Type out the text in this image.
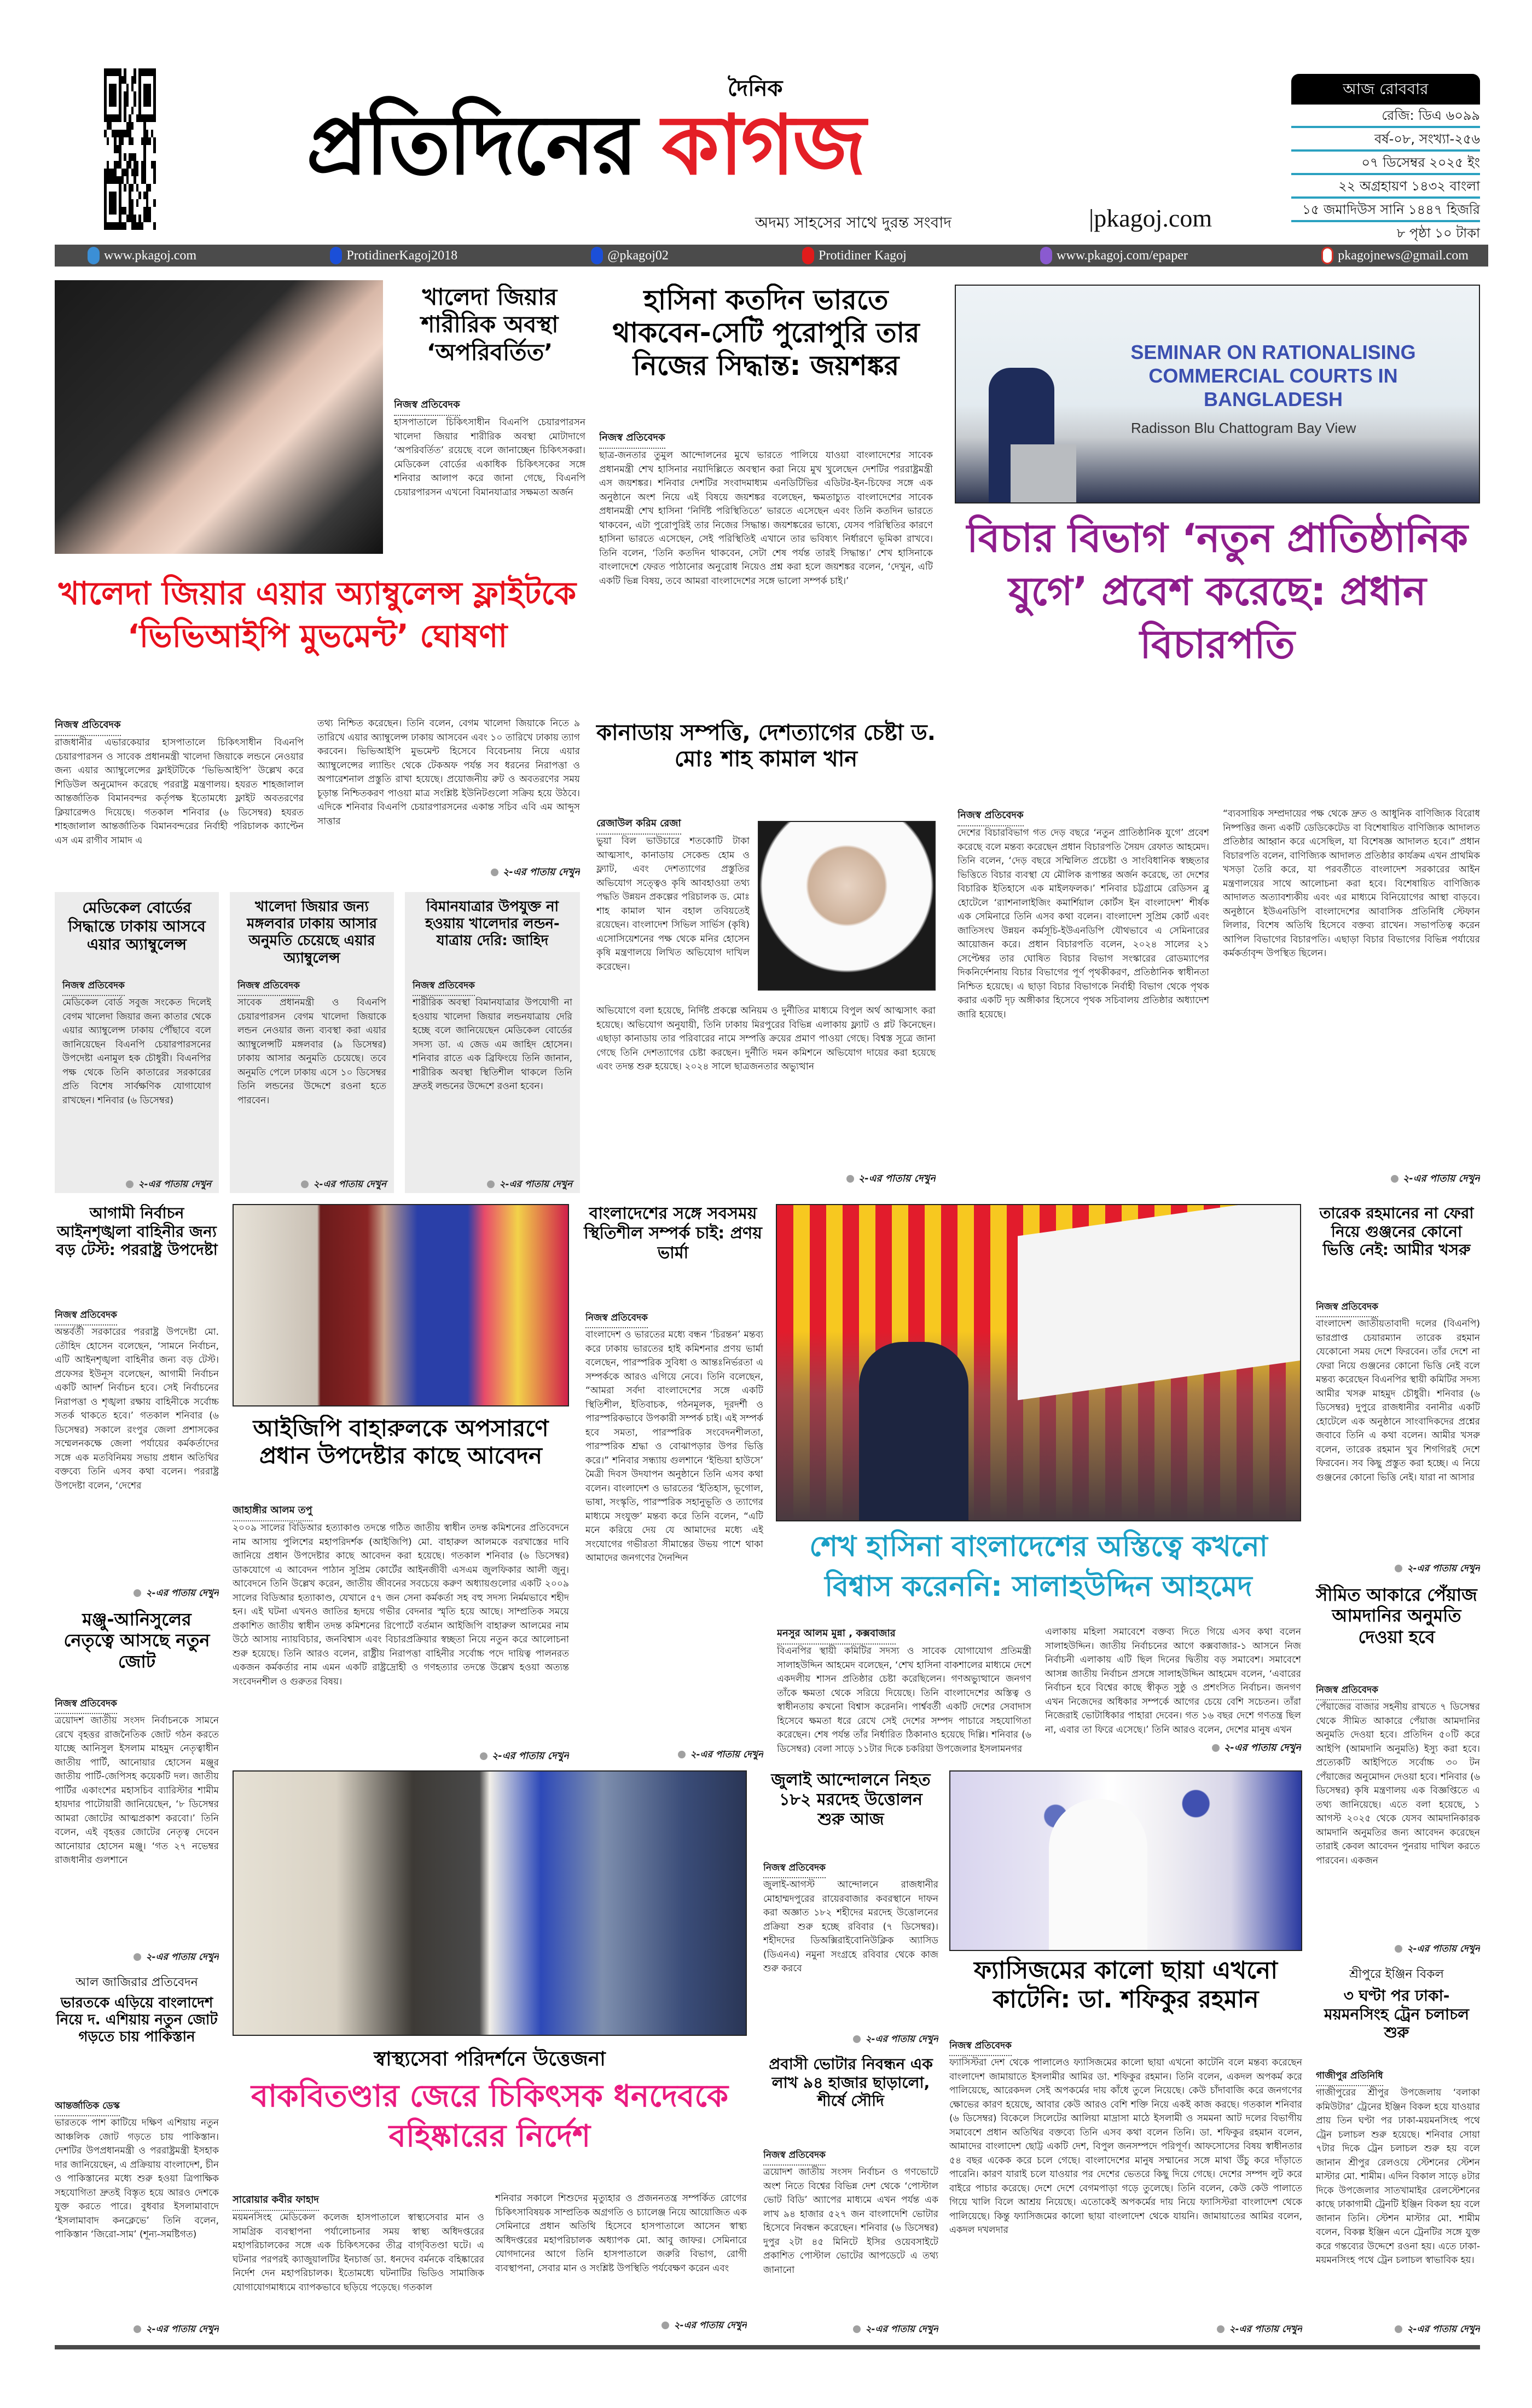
দৈনিক
প্রতিদিনের কাগজ
অদম্য সাহসের সাথে দুরন্ত সংবাদ	|pkagoj.com
আজ রোববার
রেজি: ডিএ ৬০৯৯
বর্ষ-০৮, সংখ্যা-২৫৬
০৭ ডিসেম্বর ২০২৫ ইং
২২ অগ্রহায়ণ ১৪৩২ বাংলা
১৫ জমাদিউস সানি ১৪৪৭ হিজরি
৮ পৃষ্ঠা ১০ টাকা
www.pkagoj.com	ProtidinerKagoj2018	@pkagoj02	Protidiner Kagoj	www.pkagoj.com/epaper	pkagojnews@gmail.com
খালেদা জিয়ার শারীরিক অবস্থা ‘অপরিবর্তিত’
নিজস্ব প্রতিবেদক
হাসপাতালে চিকিৎসাধীন বিএনপি চেয়ারপারসন খালেদা জিয়ার শারীরিক অবস্থা মোটাদাগে ‘অপরিবর্তিত’ রয়েছে বলে জানাচ্ছেন চিকিৎসকরা। মেডিকেল বোর্ডের একাধিক চিকিৎসকের সঙ্গে শনিবার আলাপ করে জানা গেছে, বিএনপি চেয়ারপারসন এখনো বিমানযাত্রার সক্ষমতা অর্জন
হাসিনা কতদিন ভারতে থাকবেন-সেটি পুরোপুরি তার নিজের সিদ্ধান্ত: জয়শঙ্কর
নিজস্ব প্রতিবেদক
ছাত্র-জনতার তুমুল আন্দোলনের মুখে ভারতে পালিয়ে যাওয়া বাংলাদেশের সাবেক প্রধানমন্ত্রী শেখ হাসিনার নয়াদিল্লিতে অবস্থান করা নিয়ে মুখ খুলেছেন দেশটির পররাষ্ট্রমন্ত্রী এস জয়শঙ্কর। শনিবার দেশটির সংবাদমাধ্যম এনডিটিভির এডিটর-ইন-চিফের সঙ্গে এক অনুষ্ঠানে অংশ নিয়ে এই বিষয়ে জয়শঙ্কর বলেছেন, ক্ষমতাচ্যুত বাংলাদেশের সাবেক প্রধানমন্ত্রী শেখ হাসিনা ‘নির্দিষ্ট পরিস্থিতিতে’ ভারতে এসেছেন এবং তিনি কতদিন ভারতে থাকবেন, এটা পুরোপুরিই তার নিজের সিদ্ধান্ত। জয়শঙ্করের ভাষ্যে, যেসব পরিস্থিতির কারণে হাসিনা ভারতে এসেছেন, সেই পরিস্থিতিই এখানে তার ভবিষ্যৎ নির্ধারণে ভূমিকা রাখবে। তিনি বলেন, ‘তিনি কতদিন থাকবেন, সেটা শেষ পর্যন্ত তারই সিদ্ধান্ত।’ শেখ হাসিনাকে বাংলাদেশে ফেরত পাঠানোর অনুরোধ নিয়েও প্রশ্ন করা হলে জয়শঙ্কর বলেন, ‘দেখুন, এটি একটি ভিন্ন বিষয়, তবে আমরা বাংলাদেশের সঙ্গে ভালো সম্পর্ক চাই।’
SEMINAR ON RATIONALISING COMMERCIAL COURTS IN BANGLADESH
Radisson Blu Chattogram Bay View
খালেদা জিয়ার এয়ার অ্যাম্বুলেন্স ফ্লাইটকে ‘ভিভিআইপি মুভমেন্ট’ ঘোষণা
নিজস্ব প্রতিবেদক
রাজধানীর এভারকেয়ার হাসপাতালে চিকিৎসাধীন বিএনপি চেয়ারপারসন ও সাবেক প্রধানমন্ত্রী খালেদা জিয়াকে লন্ডনে নেওয়ার জন্য এয়ার অ্যাম্বুলেন্সের ফ্লাইটটিকে ‘ভিভিআইপি’ উল্লেখ করে শিডিউল অনুমোদন করেছে পররাষ্ট্র মন্ত্রণালয়। হযরত শাহজালাল আন্তর্জাতিক বিমানবন্দর কর্তৃপক্ষ ইতোমধ্যে ফ্লাইট অবতরণের ক্লিয়ারেন্সও দিয়েছে। গতকাল শনিবার (৬ ডিসেম্বর) হযরত শাহজালাল আন্তর্জাতিক বিমানবন্দরের নির্বাহী পরিচালক ক্যাপ্টেন এস এম রাগীব সামাদ এ
তথ্য নিশ্চিত করেছেন। তিনি বলেন, বেগম খালেদা জিয়াকে নিতে ৯ তারিখে এয়ার অ্যাম্বুলেন্স ঢাকায় আসবেন এবং ১০ তারিখে ঢাকায় ত্যাগ করবেন। ভিভিআইপি মুভমেন্ট হিসেবে বিবেচনায় নিয়ে এয়ার অ্যাম্বুলেন্সের ল্যান্ডিং থেকে টেকঅফ পর্যন্ত সব ধরনের নিরাপত্তা ও অপারেশনাল প্রস্তুতি রাখা হয়েছে। প্রয়োজনীয় রুট ও অবতরণের সময় চূড়ান্ত নিশ্চিতকরণ পাওয়া মাত্র সংশ্লিষ্ট ইউনিটগুলো সক্রিয় হয়ে উঠবে। এদিকে শনিবার বিএনপি চেয়ারপারসনের একান্ত সচিব এবি এম আব্দুস সাত্তার
২-এর পাতায় দেখুন
কানাডায় সম্পত্তি, দেশত্যাগের চেষ্টা ড. মোঃ শাহ কামাল খান
রেজাউল করিম রেজা
ভুয়া বিল ভাউচারে শতকোটি টাকা আত্মসাৎ, কানাডায় সেকেন্ড হোম ও ফ্ল্যাট, এবং দেশত্যাগের প্রস্তুতির অভিযোগ সত্ত্বেও কৃষি আবহাওয়া তথ্য পদ্ধতি উন্নয়ন প্রকল্পের পরিচালক ড. মোঃ শাহ কামাল খান বহাল তবিয়তেই রয়েছেন। বাংলাদেশ সিভিল সার্ভিস (কৃষি) এসোসিয়েশনের পক্ষ থেকে মনির হোসেন কৃষি মন্ত্রণালয়ে লিখিত অভিযোগ দাখিল করেছেন।
অভিযোগে বলা হয়েছে, নির্দিষ্ট প্রকল্পে অনিয়ম ও দুর্নীতির মাধ্যমে বিপুল অর্থ আত্মসাৎ করা হয়েছে। অভিযোগ অনুযায়ী, তিনি ঢাকায় মিরপুরের বিভিন্ন এলাকায় ফ্ল্যাট ও প্লট কিনেছেন। এছাড়া কানাডায় তার পরিবারের নামে সম্পত্তি ক্রয়ের প্রমাণ পাওয়া গেছে। বিশ্বস্ত সূত্রে জানা গেছে তিনি দেশত্যাগের চেষ্টা করছেন। দুর্নীতি দমন কমিশনে অভিযোগ দায়ের করা হয়েছে এবং তদন্ত শুরু হয়েছে। ২০২৪ সালে ছাত্রজনতার অভ্যুত্থান
২-এর পাতায় দেখুন
বিচার বিভাগ ‘নতুন প্রাতিষ্ঠানিক যুগে’ প্রবেশ করেছে: প্রধান বিচারপতি
নিজস্ব প্রতিবেদক
দেশের বিচারবিভাগ গত দেড় বছরে ‘নতুন প্রাতিষ্ঠানিক যুগে’ প্রবেশ করেছে বলে মন্তব্য করেছেন প্রধান বিচারপতি সৈয়দ রেফাত আহমেদ। তিনি বলেন, ‘দেড় বছরে সম্মিলিত প্রচেষ্টা ও সাংবিধানিক স্বচ্ছতার ভিত্তিতে বিচার ব্যবস্থা যে মৌলিক রূপান্তর অর্জন করেছে, তা দেশের বিচারিক ইতিহাসে এক মাইলফলক।’ শনিবার চট্টগ্রামে রেডিসন ব্লু হোটেলে ‘র‍্যাশনালাইজিং কমার্শিয়াল কোর্টস ইন বাংলাদেশ’ শীর্ষক এক সেমিনারে তিনি এসব কথা বলেন। বাংলাদেশ সুপ্রিম কোর্ট এবং জাতিসংঘ উন্নয়ন কর্মসূচি-ইউএনডিপি যৌথভাবে এ সেমিনারের আয়োজন করে। প্রধান বিচারপতি বলেন, ২০২৪ সালের ২১ সেপ্টেম্বর তার ঘোষিত বিচার বিভাগ সংস্কারের রোডম্যাপের দিকনির্দেশনায় বিচার বিভাগের পূর্ণ পৃথকীকরণ, প্রতিষ্ঠানিক স্বাধীনতা নিশ্চিত হয়েছে। এ ছাড়া বিচার বিভাগকে নির্বাহী বিভাগ থেকে পৃথক করার একটি দৃঢ় অঙ্গীকার হিসেবে পৃথক সচিবালয় প্রতিষ্ঠার অধ্যাদেশ জারি হয়েছে।
“ব্যবসায়িক সম্প্রদায়ের পক্ষ থেকে দ্রুত ও আধুনিক বাণিজ্যিক বিরোধ নিষ্পত্তির জন্য একটি ডেডিকেটেড বা বিশেষায়িত বাণিজ্যিক আদালত প্রতিষ্ঠার আহ্বান করে এসেছিল, যা বিশেষজ্ঞ আদালত হবে।” প্রধান বিচারপতি বলেন, বাণিজ্যিক আদালত প্রতিষ্ঠার কার্যক্রম এখন প্রাথমিক খসড়া তৈরি করে, যা পরবর্তীতে বাংলাদেশ সরকারের আইন মন্ত্রণালয়ের সাথে আলোচনা করা হবে। বিশেষায়িত বাণিজ্যিক আদালত অত্যাবশ্যকীয় এবং এর মাধ্যমে বিনিয়োগের আস্থা বাড়বে। অনুষ্ঠানে ইউএনডিপি বাংলাদেশের আবাসিক প্রতিনিধি স্টেফান লিলার, বিশেষ অতিথি হিসেবে বক্তব্য রাখেন। সভাপতিত্ব করেন আপিল বিভাগের বিচারপতি। এছাড়া বিচার বিভাগের বিভিন্ন পর্যায়ের কর্মকর্তাবৃন্দ উপস্থিত ছিলেন।
২-এর পাতায় দেখুন
মেডিকেল বোর্ডের সিদ্ধান্তে ঢাকায় আসবে এয়ার অ্যাম্বুলেন্স
নিজস্ব প্রতিবেদক
মেডিকেল বোর্ড সবুজ সংকেত দিলেই বেগম খালেদা জিয়ার জন্য কাতার থেকে এয়ার অ্যাম্বুলেন্স ঢাকায় পৌঁছাবে বলে জানিয়েছেন বিএনপি চেয়ারপারসনের উপদেষ্টা এনামুল হক চৌধুরী। বিএনপির পক্ষ থেকে তিনি কাতারের সরকারের প্রতি বিশেষ সার্বক্ষণিক যোগাযোগ রাখছেন। শনিবার (৬ ডিসেম্বর)
২-এর পাতায় দেখুন
খালেদা জিয়ার জন্য মঙ্গলবার ঢাকায় আসার অনুমতি চেয়েছে এয়ার অ্যাম্বুলেন্স
নিজস্ব প্রতিবেদক
সাবেক প্রধানমন্ত্রী ও বিএনপি চেয়ারপারসন বেগম খালেদা জিয়াকে লন্ডন নেওয়ার জন্য ব্যবস্থা করা এয়ার অ্যাম্বুলেন্সটি মঙ্গলবার (৯ ডিসেম্বর) ঢাকায় আসার অনুমতি চেয়েছে। তবে অনুমতি পেলে ঢাকায় এসে ১০ ডিসেম্বর তিনি লন্ডনের উদ্দেশে রওনা হতে পারবেন।
২-এর পাতায় দেখুন
বিমানযাত্রার উপযুক্ত না হওয়ায় খালেদার লন্ডন-যাত্রায় দেরি: জাহিদ
নিজস্ব প্রতিবেদক
শারীরিক অবস্থা বিমানযাত্রার উপযোগী না হওয়ায় খালেদা জিয়ার লন্ডনযাত্রায় দেরি হচ্ছে বলে জানিয়েছেন মেডিকেল বোর্ডের সদস্য ডা. এ জেড এম জাহিদ হোসেন। শনিবার রাতে এক ব্রিফিংয়ে তিনি জানান, শারীরিক অবস্থা স্থিতিশীল থাকলে তিনি দ্রুতই লন্ডনের উদ্দেশে রওনা হবেন।
২-এর পাতায় দেখুন
আগামী নির্বাচন আইনশৃঙ্খলা বাহিনীর জন্য বড় টেস্ট: পররাষ্ট্র উপদেষ্টা
নিজস্ব প্রতিবেদক
অন্তর্বর্তী সরকারের পররাষ্ট্র উপদেষ্টা মো. তৌহিদ হোসেন বলেছেন, ‘সামনে নির্বাচন, এটি আইনশৃঙ্খলা বাহিনীর জন্য বড় টেস্ট। প্রফেসর ইউনূস বলেছেন, আগামী নির্বাচন একটি আদর্শ নির্বাচন হবে। সেই নির্বাচনের নিরাপত্তা ও শৃঙ্খলা রক্ষায় বাহিনীকে সর্বোচ্চ সতর্ক থাকতে হবে।’ গতকাল শনিবার (৬ ডিসেম্বর) সকালে রংপুর জেলা প্রশাসকের সম্মেলনকক্ষে জেলা পর্যায়ের কর্মকর্তাদের সঙ্গে এক মতবিনিময় সভায় প্রধান অতিথির বক্তব্যে তিনি এসব কথা বলেন। পররাষ্ট্র উপদেষ্টা বলেন, ‘দেশের
২-এর পাতায় দেখুন
আইজিপি বাহারুলকে অপসারণে প্রধান উপদেষ্টার কাছে আবেদন
জাহাঙ্গীর আলম তপু
২০০৯ সালের বিডিআর হত্যাকাণ্ড তদন্তে গঠিত জাতীয় স্বাধীন তদন্ত কমিশনের প্রতিবেদনে নাম আসায় পুলিশের মহাপরিদর্শক (আইজিপি) মো. বাহারুল আলমকে বরখাস্তের দাবি জানিয়ে প্রধান উপদেষ্টার কাছে আবেদন করা হয়েছে। গতকাল শনিবার (৬ ডিসেম্বর) ডাকযোগে এ আবেদন পাঠান সুপ্রিম কোর্টের আইনজীবী এসএম জুলফিকার আলী জুনু। আবেদনে তিনি উল্লেখ করেন, জাতীয় জীবনের সবচেয়ে করুণ অধ্যায়গুলোর একটি ২০০৯ সালের বিডিআর হত্যাকাণ্ড, যেখানে ৫৭ জন সেনা কর্মকর্তা সহ বহু সদস্য নির্মমভাবে শহীদ হন। এই ঘটনা এখনও জাতির হৃদয়ে গভীর বেদনার স্মৃতি হয়ে আছে। সাম্প্রতিক সময়ে প্রকাশিত জাতীয় স্বাধীন তদন্ত কমিশনের রিপোর্টে বর্তমান আইজিপি বাহারুল আলমের নাম উঠে আসায় ন্যায়বিচার, জনবিশ্বাস এবং বিচারপ্রক্রিয়ার স্বচ্ছতা নিয়ে নতুন করে আলোচনা শুরু হয়েছে। তিনি আরও বলেন, রাষ্ট্রীয় নিরাপত্তা বাহিনীর সর্বোচ্চ পদে দায়িত্ব পালনরত একজন কর্মকর্তার নাম এমন একটি রাষ্ট্রদ্রোহী ও গণহত্যার তদন্তে উল্লেখ হওয়া অত্যন্ত সংবেদনশীল ও গুরুতর বিষয়।
২-এর পাতায় দেখুন
বাংলাদেশের সঙ্গে সবসময় স্থিতিশীল সম্পর্ক চাই: প্রণয় ভার্মা
নিজস্ব প্রতিবেদক
বাংলাদেশ ও ভারতের মধ্যে বন্ধন ‘চিরন্তন’ মন্তব্য করে ঢাকায় ভারতের হাই কমিশনার প্রণয় ভার্মা বলেছেন, পারস্পরিক সুবিধা ও আন্তঃনির্ভরতা এ সম্পর্ককে আরও এগিয়ে নেবে। তিনি বলেছেন, “আমরা সর্বদা বাংলাদেশের সঙ্গে একটি স্থিতিশীল, ইতিবাচক, গঠনমূলক, দূরদর্শী ও পারস্পরিকভাবে উপকারী সম্পর্ক চাই। এই সম্পর্ক হবে সমতা, পারস্পরিক সংবেদনশীলতা, পারস্পরিক শ্রদ্ধা ও বোঝাপড়ার উপর ভিত্তি করে।” শনিবার সন্ধ্যায় গুলশানে ‘ইন্ডিয়া হাউসে’ মৈত্রী দিবস উদযাপন অনুষ্ঠানে তিনি এসব কথা বলেন। বাংলাদেশ ও ভারতের ‘ইতিহাস, ভূগোল, ভাষা, সংস্কৃতি, পারস্পরিক সহানুভূতি ও ত্যাগের মাধ্যমে সংযুক্ত’ মন্তব্য করে তিনি বলেন, “এটি মনে করিয়ে দেয় যে আমাদের মধ্যে এই সংযোগের গভীরতা সীমান্তের উভয় পাশে থাকা আমাদের জনগণের দৈনন্দিন
২-এর পাতায় দেখুন
শেখ হাসিনা বাংলাদেশের অস্তিত্বে কখনো বিশ্বাস করেননি: সালাহউদ্দিন আহমেদ
মনসুর আলম মুন্না , কক্সবাজার
বিএনপির স্থায়ী কমিটির সদস্য ও সাবেক যোগাযোগ প্রতিমন্ত্রী সালাহউদ্দিন আহমেদ বলেছেন, ‘শেখ হাসিনা বাকশালের মাধ্যমে দেশে একদলীয় শাসন প্রতিষ্ঠার চেষ্টা করেছিলেন। গণঅভ্যুত্থানে জনগণ তাঁকে ক্ষমতা থেকে সরিয়ে দিয়েছে। তিনি বাংলাদেশের অস্তিত্ব ও স্বাধীনতায় কখনো বিশ্বাস করেননি। পার্শ্ববর্তী একটি দেশের সেবাদাস হিসেবে ক্ষমতা ধরে রেখে সেই দেশের সম্পদ পাচারে সহযোগিতা করেছেন। শেষ পর্যন্ত তাঁর নির্ধারিত ঠিকানাও হয়েছে দিল্লি। শনিবার (৬ ডিসেম্বর) বেলা সাড়ে ১১টার দিকে চকরিয়া উপজেলার ইসলামনগর
এলাকায় মহিলা সমাবেশে বক্তব্য দিতে গিয়ে এসব কথা বলেন সালাহউদ্দিন। জাতীয় নির্বাচনের আগে কক্সবাজার-১ আসনে নিজ নির্বাচনী এলাকায় এটি ছিল দিনের দ্বিতীয় বড় সমাবেশ। সমাবেশে আসন্ন জাতীয় নির্বাচন প্রসঙ্গে সালাহউদ্দিন আহমেদ বলেন, ‘এবারের নির্বাচন হবে বিশ্বের কাছে স্বীকৃত সুষ্ঠু ও প্রশংসিত নির্বাচন। জনগণ এখন নিজেদের অধিকার সম্পর্কে আগের চেয়ে বেশি সচেতন। তাঁরা নিজেরাই ভোটাধিকার পাহারা দেবেন। গত ১৬ বছর দেশে গণতন্ত্র ছিল না, এবার তা ফিরে এসেছে।’ তিনি আরও বলেন, দেশের মানুষ এখন
২-এর পাতায় দেখুন
তারেক রহমানের না ফেরা নিয়ে গুঞ্জনের কোনো ভিত্তি নেই: আমীর খসরু
নিজস্ব প্রতিবেদক
বাংলাদেশ জাতীয়তাবাদী দলের (বিএনপি) ভারপ্রাপ্ত চেয়ারম্যান তারেক রহমান যেকোনো সময় দেশে ফিরবেন। তাঁর দেশে না ফেরা নিয়ে গুঞ্জনের কোনো ভিত্তি নেই বলে মন্তব্য করেছেন বিএনপির স্থায়ী কমিটির সদস্য আমীর খসরু মাহমুদ চৌধুরী। শনিবার (৬ ডিসেম্বর) দুপুরে রাজধানীর বনানীর একটি হোটেলে এক অনুষ্ঠানে সাংবাদিকদের প্রশ্নের জবাবে তিনি এ কথা বলেন। আমীর খসরু বলেন, তারেক রহমান খুব শিগগিরই দেশে ফিরবেন। সব কিছু প্রস্তুত করা হচ্ছে। এ নিয়ে গুঞ্জনের কোনো ভিত্তি নেই। যারা না আসার
২-এর পাতায় দেখুন
সীমিত আকারে পেঁয়াজ আমদানির অনুমতি দেওয়া হবে
নিজস্ব প্রতিবেদক
পেঁয়াজের বাজার সহনীয় রাখতে ৭ ডিসেম্বর থেকে সীমিত আকারে পেঁয়াজ আমদানির অনুমতি দেওয়া হবে। প্রতিদিন ৫০টি করে আইপি (আমদানি অনুমতি) ইস্যু করা হবে। প্রত্যেকটি আইপিতে সর্বোচ্চ ৩০ টন পেঁয়াজের অনুমোদন দেওয়া হবে। শনিবার (৬ ডিসেম্বর) কৃষি মন্ত্রণালয় এক বিজ্ঞপ্তিতে এ তথ্য জানিয়েছে। এতে বলা হয়েছে, ১ আগস্ট ২০২৫ থেকে যেসব আমদানিকারক আমদানি অনুমতির জন্য আবেদন করেছেন তারাই কেবল আবেদন পুনরায় দাখিল করতে পারবেন। একজন
২-এর পাতায় দেখুন
মঞ্জু-আনিসুলের নেতৃত্বে আসছে নতুন জোট
নিজস্ব প্রতিবেদক
ত্রয়োদশ জাতীয় সংসদ নির্বাচনকে সামনে রেখে বৃহত্তর রাজনৈতিক জোট গঠন করতে যাচ্ছে আনিসুল ইসলাম মাহমুদ নেতৃত্বাধীন জাতীয় পার্টি, আনোয়ার হোসেন মঞ্জুর জাতীয় পার্টি-জেপিসহ কয়েকটি দল। জাতীয় পার্টির একাংশের মহাসচিব ব্যারিস্টার শামীম হায়দার পাটোয়ারী জানিয়েছেন, ‘৮ ডিসেম্বর আমরা জোটের আত্মপ্রকাশ করবো।’ তিনি বলেন, এই বৃহত্তর জোটের নেতৃত্ব দেবেন আনোয়ার হোসেন মঞ্জু। ‘গত ২৭ নভেম্বর রাজধানীর গুলশানে
২-এর পাতায় দেখুন
স্বাস্থ্যসেবা পরিদর্শনে উত্তেজনা
বাকবিতণ্ডার জেরে চিকিৎসক ধনদেবকে বহিষ্কারের নির্দেশ
সারোয়ার কবীর ফাহাদ
ময়মনসিংহ মেডিকেল কলেজ হাসপাতালে স্বাস্থ্যসেবার মান ও সামগ্রিক ব্যবস্থাপনা পর্যালোচনার সময় স্বাস্থ্য অধিদপ্তরের মহাপরিচালকের সঙ্গে এক চিকিৎসকের তীব্র বাগ্‌বিতণ্ডা ঘটে। এ ঘটনার পরপরই ক্যাজুয়ালটির ইনচার্জ ডা. ধনদেব বর্মনকে বহিষ্কারের নির্দেশ দেন মহাপরিচালক। ইতোমধ্যে ঘটনাটির ভিডিও সামাজিক যোগাযোগমাধ্যমে ব্যাপকভাবে ছড়িয়ে পড়েছে। গতকাল
শনিবার সকালে শিশুদের মৃত্যুহার ও প্রজননতন্ত্র সম্পর্কিত রোগের চিকিৎসাবিষয়ক সাম্প্রতিক অগ্রগতি ও চ্যালেঞ্জ নিয়ে আয়োজিত এক সেমিনারে প্রধান অতিথি হিসেবে হাসপাতালে আসেন স্বাস্থ্য অধিদপ্তরের মহাপরিচালক অধ্যাপক মো. আবু জাফর। সেমিনারে যোগদানের আগে তিনি হাসপাতালে জরুরি বিভাগ, রোগী ব্যবস্থাপনা, সেবার মান ও সংশ্লিষ্ট উপস্থিতি পর্যবেক্ষণ করেন এবং
২-এর পাতায় দেখুন
আল জাজিরার প্রতিবেদন
ভারতকে এড়িয়ে বাংলাদেশ নিয়ে দ. এশিয়ায় নতুন জোট গড়তে চায় পাকিস্তান
আন্তর্জাতিক ডেস্ক
ভারতকে পাশ কাটিয়ে দক্ষিণ এশিয়ায় নতুন আঞ্চলিক জোট গড়তে চায় পাকিস্তান। দেশটির উপপ্রধানমন্ত্রী ও পররাষ্ট্রমন্ত্রী ইসহাক দার জানিয়েছেন, এ প্রক্রিয়ায় বাংলাদেশ, চীন ও পাকিস্তানের মধ্যে শুরু হওয়া ত্রিপাক্ষিক সহযোগিতা দ্রুতই বিস্তৃত হয়ে আরও দেশকে যুক্ত করতে পারে। বুধবার ইসলামাবাদে ‘ইসলামাবাদ কনক্লেভে’ তিনি বলেন, পাকিস্তান ‘জিরো-সাম’ (শূন্য-সমষ্টিগত)
২-এর পাতায় দেখুন
জুলাই আন্দোলনে নিহত ১৮২ মরদেহ উত্তোলন শুরু আজ
নিজস্ব প্রতিবেদক
জুলাই-আগস্ট আন্দোলনে রাজধানীর মোহাম্মদপুরের রায়েরবাজার কবরস্থানে দাফন করা অজ্ঞাত ১৮২ শহীদের মরদেহ উত্তোলনের প্রক্রিয়া শুরু হচ্ছে রবিবার (৭ ডিসেম্বর)। শহীদদের ডিঅক্সিরাইবোনিউক্লিক অ্যাসিড (ডিএনএ) নমুনা সংগ্রহে রবিবার থেকে কাজ শুরু করবে
২-এর পাতায় দেখুন
প্রবাসী ভোটার নিবন্ধন এক লাখ ৯৪ হাজার ছাড়ালো, শীর্ষে সৌদি
নিজস্ব প্রতিবেদক
ত্রয়োদশ জাতীয় সংসদ নির্বাচন ও গণভোটে অংশ নিতে বিশ্বের বিভিন্ন দেশ থেকে ‘পোস্টাল ভোট বিডি’ অ্যাপের মাধ্যমে এখন পর্যন্ত এক লাখ ৯৪ হাজার ৫২৭ জন বাংলাদেশি ভোটার হিসেবে নিবন্ধন করেছেন। শনিবার (৬ ডিসেম্বর) দুপুর ২টা ৪৫ মিনিটে ইসির ওয়েবসাইটে প্রকাশিত পোস্টাল ভোটের আপডেটে এ তথ্য জানানো
২-এর পাতায় দেখুন
ফ্যাসিজমের কালো ছায়া এখনো কাটেনি: ডা. শফিকুর রহমান
নিজস্ব প্রতিবেদক
ফ্যাসিস্টরা দেশ থেকে পালালেও ফ্যাসিজমের কালো ছায়া এখনো কাটেনি বলে মন্তব্য করেছেন বাংলাদেশ জামায়াতে ইসলামীর আমির ডা. শফিকুর রহমান। তিনি বলেন, একদল অপকর্ম করে পালিয়েছে, আরেকদল সেই অপকর্মের দায় কাঁধে তুলে নিয়েছে। কেউ চাঁদাবাজি করে জনগণের ক্ষোভের কারণ হয়েছে, আবার কেউ আরও বেশি শক্তি নিয়ে একই কাজ করছে। গতকাল শনিবার (৬ ডিসেম্বর) বিকেলে সিলেটের আলিয়া মাদ্রাসা মাঠে ইসলামী ও সমমনা আট দলের বিভাগীয় সমাবেশে প্রধান অতিথির বক্তব্যে তিনি এসব কথা বলেন তিনি। ডা. শফিকুর রহমান বলেন, আমাদের বাংলাদেশ ছোট্ট একটি দেশ, বিপুল জনসম্পদে পরিপূর্ণ। আফসোসের বিষয় স্বাধীনতার ৫৪ বছর একেক করে চলে গেছে। বাংলাদেশের মানুষ সম্মানের সঙ্গে মাথা উঁচু করে দাঁড়াতে পারেনি। কারণ যারাই চলে যাওয়ার পর দেশের ভেতরে কিছু দিয়ে গেছে। দেশের সম্পদ লুট করে বাইরে পাচার করেছে। দেশে দেশে বেগমপাড়া গড়ে তুলেছে। তিনি বলেন, কেউ কেউ পালাতে গিয়ে খালি বিলে আশ্রয় নিয়েছে। এতোকেই অপকর্মের দায় নিয়ে ফ্যাসিস্টরা বাংলাদেশ থেকে পালিয়েছে। কিন্তু ফ্যাসিজমের কালো ছায়া বাংলাদেশ থেকে যায়নি। জামায়াতের আমির বলেন, একদল দখলদার
২-এর পাতায় দেখুন
শ্রীপুরে ইঞ্জিন বিকল
৩ ঘণ্টা পর ঢাকা-ময়মনসিংহ ট্রেন চলাচল শুরু
গাজীপুর প্রতিনিধি
গাজীপুরের শ্রীপুর উপজেলায় ‘বলাকা কমিউটার’ ট্রেনের ইঞ্জিন বিকল হয়ে যাওয়ার প্রায় তিন ঘণ্টা পর ঢাকা-ময়মনসিংহ পথে ট্রেন চলাচল শুরু হয়েছে। শনিবার সোয়া ৭টার দিকে ট্রেন চলাচল শুরু হয় বলে জানান শ্রীপুর রেলওয়ে স্টেশনের স্টেশন মাস্টার মো. শামীম। এদিন বিকাল সাড়ে ৪টার দিকে উপজেলার সাতখামাইর রেলস্টেশনের কাছে ঢাকাগামী ট্রেনটি ইঞ্জিন বিকল হয় বলে জানান তিনি। স্টেশন মাস্টার মো. শামীম বলেন, বিকল্প ইঞ্জিন এনে ট্রেনটির সঙ্গে যুক্ত করে গন্তব্যের উদ্দেশে রওনা হয়। এতে ঢাকা-ময়মনসিংহ পথে ট্রেন চলাচল স্বাভাবিক হয়।
২-এর পাতায় দেখুন
